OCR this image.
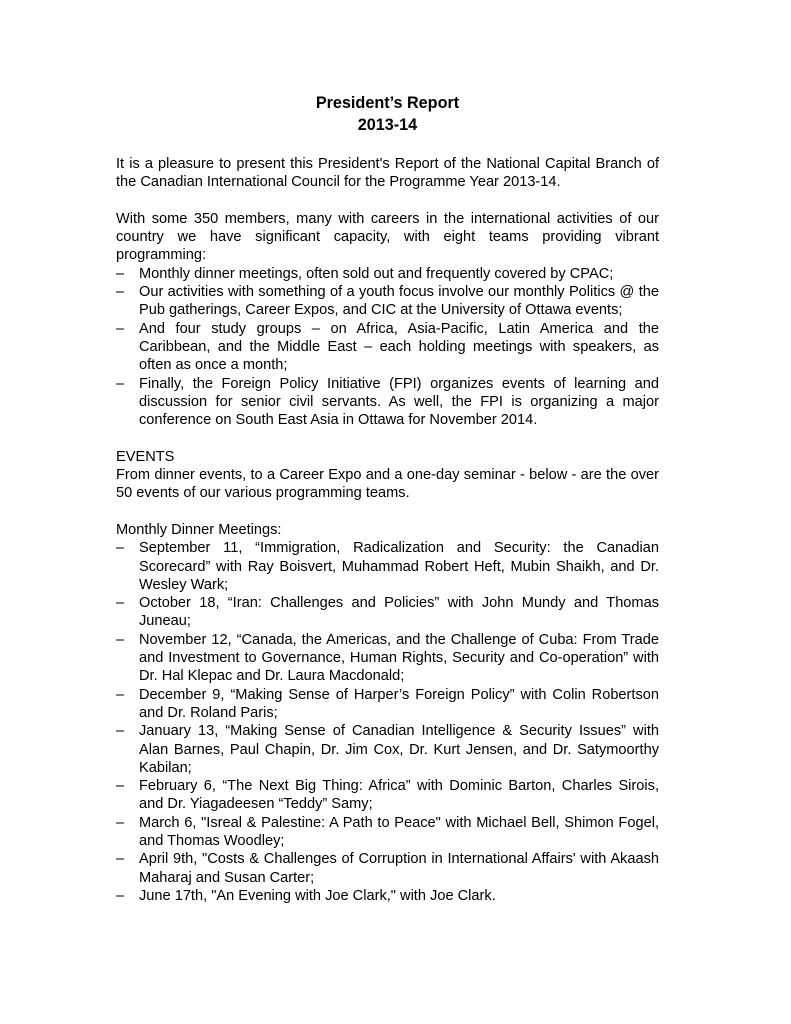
President’s Report
2013-14

It is a pleasure to present this President's Report of the National Capital Branch of the Canadian International Council for the Programme Year 2013-14.

With some 350 members, many with careers in the international activities of our country we have significant capacity, with eight teams providing vibrant programming:

– Monthly dinner meetings, often sold out and frequently covered by CPAC;
– Our activities with something of a youth focus involve our monthly Politics @ the Pub gatherings, Career Expos, and CIC at the University of Ottawa events;
– And four study groups – on Africa, Asia-Pacific, Latin America and the Caribbean, and the Middle East – each holding meetings with speakers, as often as once a month;
– Finally, the Foreign Policy Initiative (FPI) organizes events of learning and discussion for senior civil servants. As well, the FPI is organizing a major conference on South East Asia in Ottawa for November 2014.

EVENTS

From dinner events, to a Career Expo and a one-day seminar - below - are the over 50 events of our various programming teams.

Monthly Dinner Meetings:

– September 11, “Immigration, Radicalization and Security: the Canadian Scorecard” with Ray Boisvert, Muhammad Robert Heft, Mubin Shaikh, and Dr. Wesley Wark;
– October 18, “Iran: Challenges and Policies” with John Mundy and Thomas Juneau;
– November 12, “Canada, the Americas, and the Challenge of Cuba: From Trade and Investment to Governance, Human Rights, Security and Co-operation” with Dr. Hal Klepac and Dr. Laura Macdonald;
– December 9, “Making Sense of Harper’s Foreign Policy” with Colin Robertson and Dr. Roland Paris;
– January 13, “Making Sense of Canadian Intelligence & Security Issues” with Alan Barnes, Paul Chapin, Dr. Jim Cox, Dr. Kurt Jensen, and Dr. Satymoorthy Kabilan;
– February 6, “The Next Big Thing: Africa” with Dominic Barton, Charles Sirois, and Dr. Yiagadeesen “Teddy” Samy;
– March 6, "Isreal & Palestine: A Path to Peace" with Michael Bell, Shimon Fogel, and Thomas Woodley;
– April 9th, "Costs & Challenges of Corruption in International Affairs' with Akaash Maharaj and Susan Carter;
– June 17th, "An Evening with Joe Clark," with Joe Clark.
